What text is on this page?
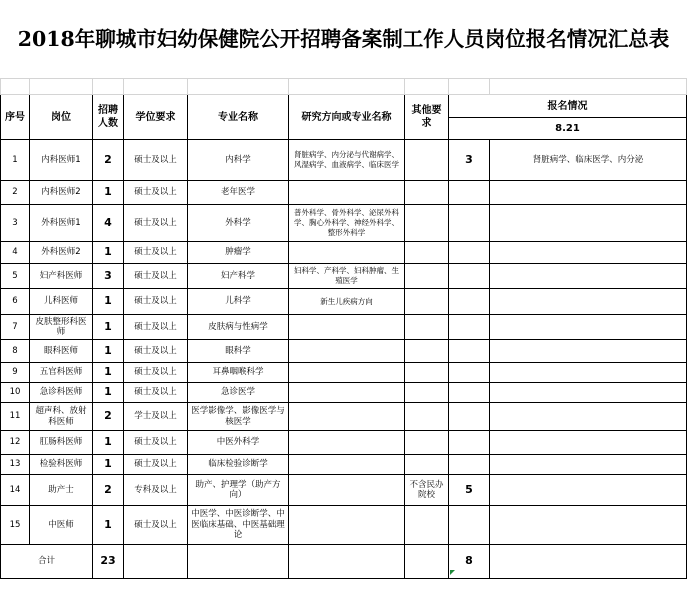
2018年聊城市妇幼保健院公开招聘备案制工作人员岗位报名情况汇总表

序号	岗位	招聘人数	学位要求	专业名称	研究方向或专业名称	其他要求	报名情况	
							8.21	
1	内科医师1	2	硕士及以上	内科学	肾脏病学、内分泌与代谢病学、风湿病学、血液病学、临床医学		3	肾脏病学、临床医学、内分泌
2	内科医师2	1	硕士及以上	老年医学				
3	外科医师1	4	硕士及以上	外科学	普外科学、骨外科学、泌尿外科学、胸心外科学、神经外科学、整形外科学			
4	外科医师2	1	硕士及以上	肿瘤学				
5	妇产科医师	3	硕士及以上	妇产科学	妇科学、产科学、妇科肿瘤、生殖医学			
6	儿科医师	1	硕士及以上	儿科学	新生儿疾病方向			
7	皮肤整形科医师	1	硕士及以上	皮肤病与性病学				
8	眼科医师	1	硕士及以上	眼科学				
9	五官科医师	1	硕士及以上	耳鼻咽喉科学				
10	急诊科医师	1	硕士及以上	急诊医学				
11	超声科、放射科医师	2	学士及以上	医学影像学、影像医学与核医学				
12	肛肠科医师	1	硕士及以上	中医外科学				
13	检验科医师	1	硕士及以上	临床检验诊断学				
14	助产士	2	专科及以上	助产、护理学（助产方向）		不含民办院校	5	
15	中医师	1	硕士及以上	中医学、中医诊断学、中医临床基础、中医基础理论				
合计		23					8	
